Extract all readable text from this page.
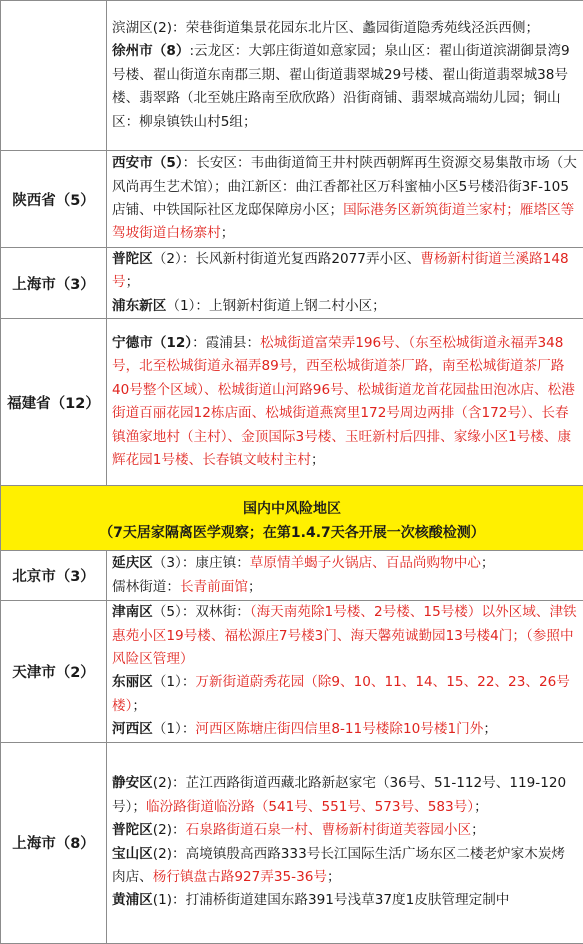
	滨湖区(2)：荣巷街道集景花园东北片区、蠡园街道隐秀苑线泾浜西侧；
徐州市（8）:云龙区：大郭庄街道如意家园；泉山区：翟山街道滨湖御景湾9号楼、翟山街道东南郡三期、翟山街道翡翠城29号楼、翟山街道翡翠城38号楼、翡翠路（北至姚庄路南至欣欣路）沿街商铺、翡翠城高端幼儿园；铜山区：柳泉镇铁山村5组；

陕西省（5）	西安市（5）：长安区：韦曲街道简王井村陕西朝辉再生资源交易集散市场（大风尚再生艺术馆）；曲江新区：曲江香都社区万科蜜柚小区5号楼沿街3F-105店铺、中铁国际社区龙邸保障房小区；国际港务区新筑街道兰家村；雁塔区等驾坡街道白杨寨村；

上海市（3）	普陀区（2）：长风新村街道光复西路2077弄小区、曹杨新村街道兰溪路148号；
浦东新区（1）：上钢新村街道上钢二村小区；

福建省（12）	宁德市（12）：霞浦县：松城街道富荣弄196号、（东至松城街道永福弄348号，北至松城街道永福弄89号，西至松城街道茶厂路，南至松城街道茶厂路40号整个区域）、松城街道山河路96号、松城街道龙首花园盐田泡冰店、松港街道百丽花园12栋店面、松城街道燕窝里172号周边两排（含172号）、长春镇渔家地村（主村）、金顶国际3号楼、玉旺新村后四排、家缘小区1号楼、康辉花园1号楼、长春镇文岐村主村；

国内中风险地区
（7天居家隔离医学观察；在第1.4.7天各开展一次核酸检测）	

北京市（3）	延庆区（3）：康庄镇：草原情羊蝎子火锅店、百品尚购物中心；
儒林街道：长青前面馆；

天津市（2）	津南区（5）：双林街：（海天南苑除1号楼、2号楼、15号楼）以外区域、津铁惠苑小区19号楼、福松源庄7号楼3门、海天馨苑诚勤园13号楼4门；（参照中风险区管理）
东丽区（1）：万新街道蔚秀花园（除9、10、11、14、15、22、23、26号楼）；
河西区（1）：河西区陈塘庄街四信里8-11号楼除10号楼1门外；

上海市（8）	静安区(2)：芷江西路街道西藏北路新赵家宅（36号、51-112号、119-120号）；临汾路街道临汾路（541号、551号、573号、583号）；
普陀区(2)：石泉路街道石泉一村、曹杨新村街道芙蓉园小区；
宝山区(2)：高境镇殷高西路333号长江国际生活广场东区二楼老炉家木炭烤肉店、杨行镇盘古路927弄35-36号；
黄浦区(1)：打浦桥街道建国东路391号浅草37度1皮肤管理定制中
